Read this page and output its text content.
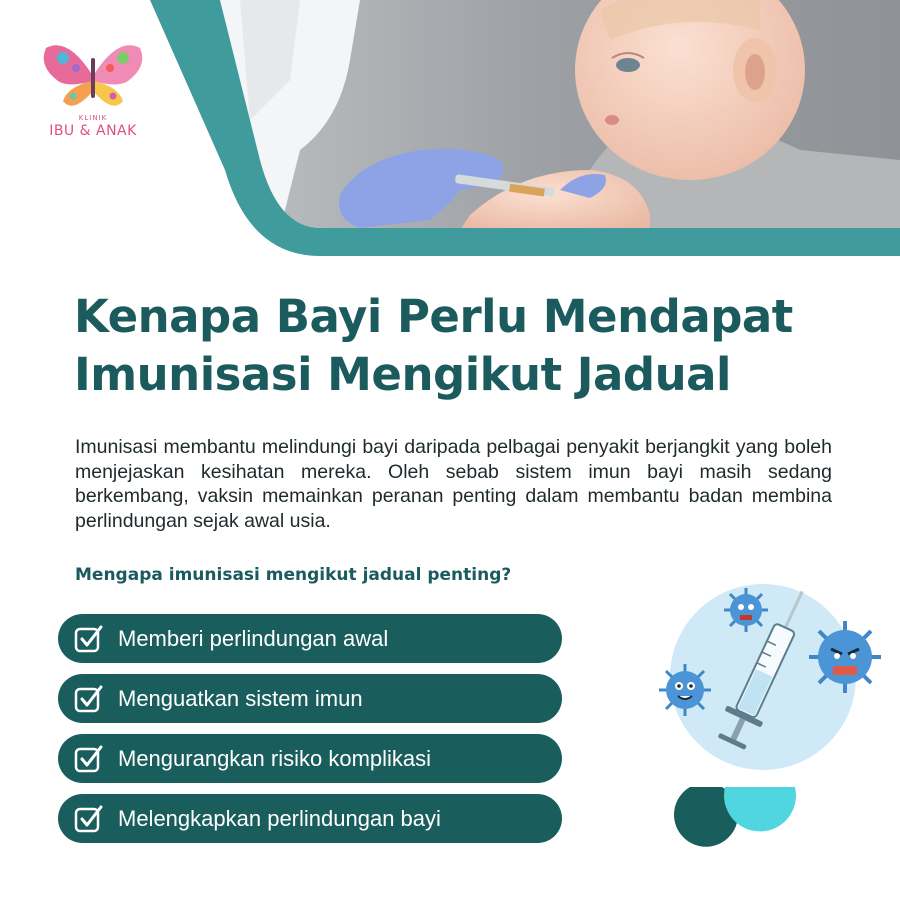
KLINIK
IBU & ANAK
Kenapa Bayi Perlu Mendapat
Imunisasi Mengikut Jadual

Imunisasi membantu melindungi bayi daripada pelbagai penyakit berjangkit yang boleh menjejaskan kesihatan mereka. Oleh sebab sistem imun bayi masih sedang berkembang, vaksin memainkan peranan penting dalam membantu badan membina perlindungan sejak awal usia.

Mengapa imunisasi mengikut jadual penting?
Memberi perlindungan awal
Menguatkan sistem imun
Mengurangkan risiko komplikasi
Melengkapkan perlindungan bayi
